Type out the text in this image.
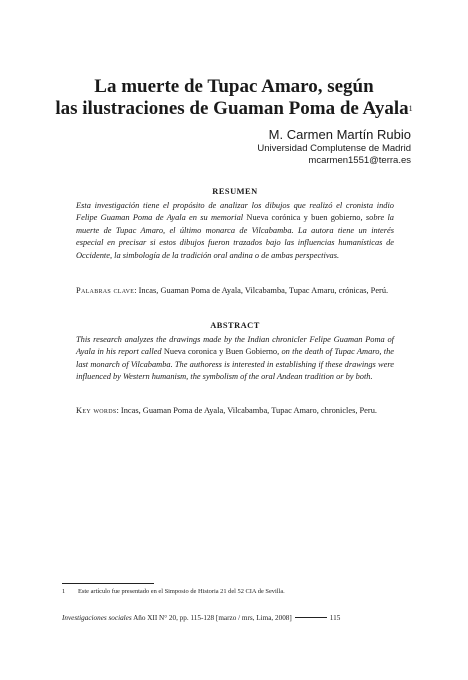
La muerte de Tupac Amaro, según
las ilustraciones de Guaman Poma de Ayala$^1$
M. Carmen Martín Rubio
Universidad Complutense de Madrid
mcarmen1551@terra.es
RESUMEN
Esta investigación tiene el propósito de analizar los dibujos que realizó el cronista indio Felipe Guaman Poma de Ayala en su memorial Nueva corónica y buen gobierno, sobre la muerte de Tupac Amaro, el último monarca de Vilcabamba. La autora tiene un interés especial en precisar si estos dibujos fueron trazados bajo las influencias humanísticas de Occidente, la simbología de la tradición oral andina o de ambas perspectivas.
Palabras clave: Incas, Guaman Poma de Ayala, Vilcabamba, Tupac Amaru, crónicas, Perú.
ABSTRACT
This research analyzes the drawings made by the Indian chronicler Felipe Guaman Poma of Ayala in his report called Nueva coronica y Buen Gobierno, on the death of Tupac Amaro, the last monarch of Vilcabamba. The authoress is interested in establishing if these drawings were influenced by Western humanism, the symbolism of the oral Andean tradition or by both.
Key words: Incas, Guaman Poma de Ayala, Vilcabamba, Tupac Amaro, chronicles, Peru.
1 Este artículo fue presentado en el Simposio de Historia 21 del 52 CIA de Sevilla.
Investigaciones sociales Año XII N° 20, pp. 115-128 [marzo / mrs, Lima, 2008]	115
